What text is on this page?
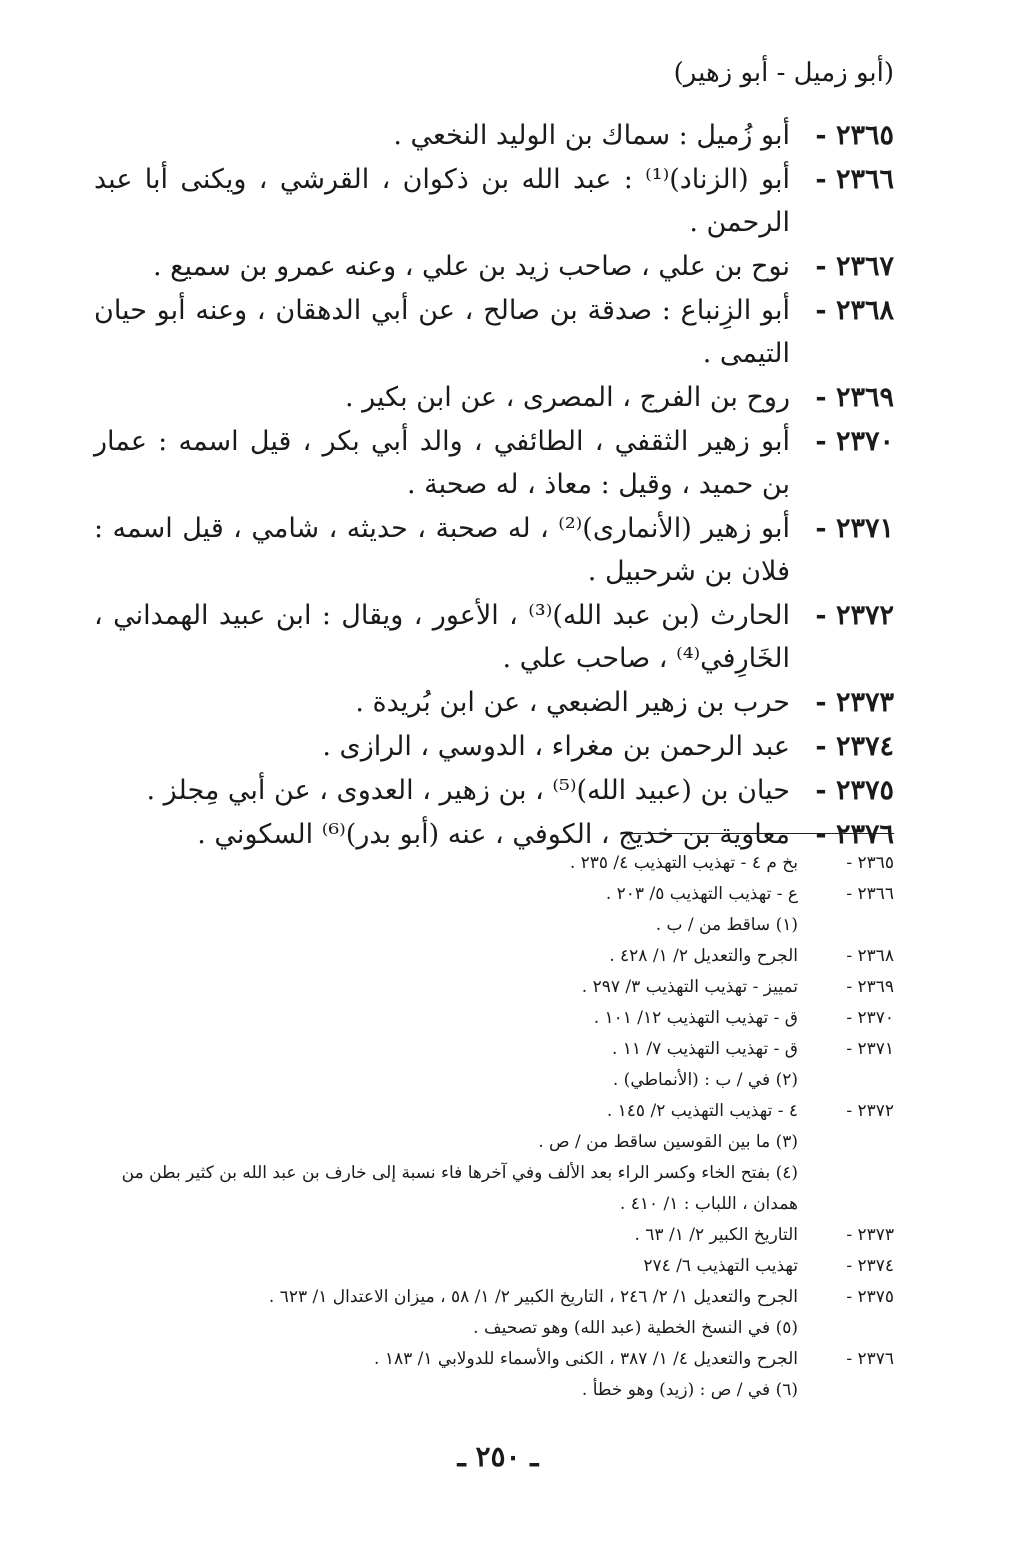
(أبو زميل - أبو زهير)
٢٣٦٥ -
أبو زُميل : سماك بن الوليد النخعي .
٢٣٦٦ -
أبو (الزناد)⁽¹⁾ : عبد الله بن ذكوان ، القرشي ، ويكنى أبا عبد الرحمن .
٢٣٦٧ -
نوح بن علي ، صاحب زيد بن علي ، وعنه عمرو بن سميع .
٢٣٦٨ -
أبو الزِنباع : صدقة بن صالح ، عن أبي الدهقان ، وعنه أبو حيان التيمى .
٢٣٦٩ -
روح بن الفرج ، المصرى ، عن ابن بكير .
٢٣٧٠ -
أبو زهير الثقفي ، الطائفي ، والد أبي بكر ، قيل اسمه : عمار بن حميد ، وقيل : معاذ ، له صحبة .
٢٣٧١ -
أبو زهير (الأنمارى)⁽²⁾ ، له صحبة ، حديثه ، شامي ، قيل اسمه : فلان بن شرحبيل .
٢٣٧٢ -
الحارث (بن عبد الله)⁽³⁾ ، الأعور ، ويقال : ابن عبيد الهمداني ، الخَارِفي⁽⁴⁾ ، صاحب علي .
٢٣٧٣ -
حرب بن زهير الضبعي ، عن ابن بُريدة .
٢٣٧٤ -
عبد الرحمن بن مغراء ، الدوسي ، الرازى .
٢٣٧٥ -
حيان بن (عبيد الله)⁽⁵⁾ ، بن زهير ، العدوى ، عن أبي مِجلز .
٢٣٧٦ -
معاوية بن خديج ، الكوفي ، عنه (أبو بدر)⁽⁶⁾ السكوني .
٢٣٦٥ -
بخ م ٤ - تهذيب التهذيب ٤/ ٢٣٥ .
٢٣٦٦ -
ع - تهذيب التهذيب ٥/ ٢٠٣ .
(١) ساقط من / ب .
٢٣٦٨ -
الجرح والتعديل ٢/ ١/ ٤٢٨ .
٢٣٦٩ -
تمييز - تهذيب التهذيب ٣/ ٢٩٧ .
٢٣٧٠ -
ق - تهذيب التهذيب ١٢/ ١٠١ .
٢٣٧١ -
ق - تهذيب التهذيب ٧/ ١١ .
(٢) في / ب : (الأنماطي) .
٢٣٧٢ -
٤ - تهذيب التهذيب ٢/ ١٤٥ .
(٣) ما بين القوسين ساقط من / ص .
(٤) بفتح الخاء وكسر الراء بعد الألف وفي آخرها فاء نسبة إلى خارف بن عبد الله بن كثير بطن من همدان ، اللباب : ١/ ٤١٠ .
٢٣٧٣ -
التاريخ الكبير ٢/ ١/ ٦٣ .
٢٣٧٤ -
تهذيب التهذيب ٦/ ٢٧٤
٢٣٧٥ -
الجرح والتعديل ١/ ٢/ ٢٤٦ ، التاريخ الكبير ٢/ ١/ ٥٨ ، ميزان الاعتدال ١/ ٦٢٣ .
(٥) في النسخ الخطية (عبد الله) وهو تصحيف .
٢٣٧٦ -
الجرح والتعديل ٤/ ١/ ٣٨٧ ، الكنى والأسماء للدولابي ١/ ١٨٣ .
(٦) في / ص : (زيد) وهو خطأ .
ـ ٢٥٠ ـ
